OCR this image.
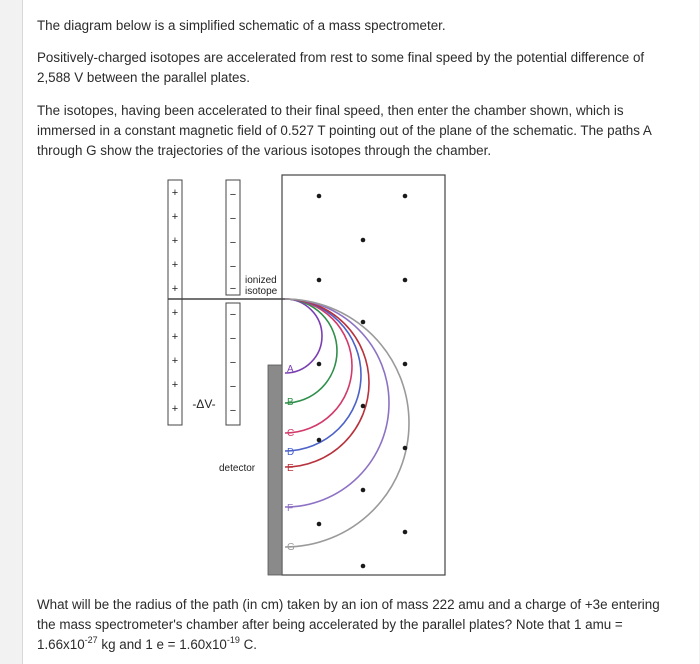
The diagram below is a simplified schematic of a mass spectrometer.

Positively-charged isotopes are accelerated from rest to some final speed by the potential difference of 2,588 V between the parallel plates.

The isotopes, having been accelerated to their final speed, then enter the chamber shown, which is immersed in a constant magnetic field of 0.527 T pointing out of the plane of the schematic. The paths A through G show the trajectories of the various isotopes through the chamber.

+
+
+
+
+
+
+
+
+
+
−
−
−
−
−
−
−
−
−
−
-ΔV-
ionized
isotope
detector
A
B
C
D
E
F
G

What will be the radius of the path (in cm) taken by an ion of mass 222 amu and a charge of +3e entering the mass spectrometer's chamber after being accelerated by the parallel plates? Note that 1 amu = $1.66x10^{-27}$ kg and 1 $e = 1.60x10^{-19}$ C.
